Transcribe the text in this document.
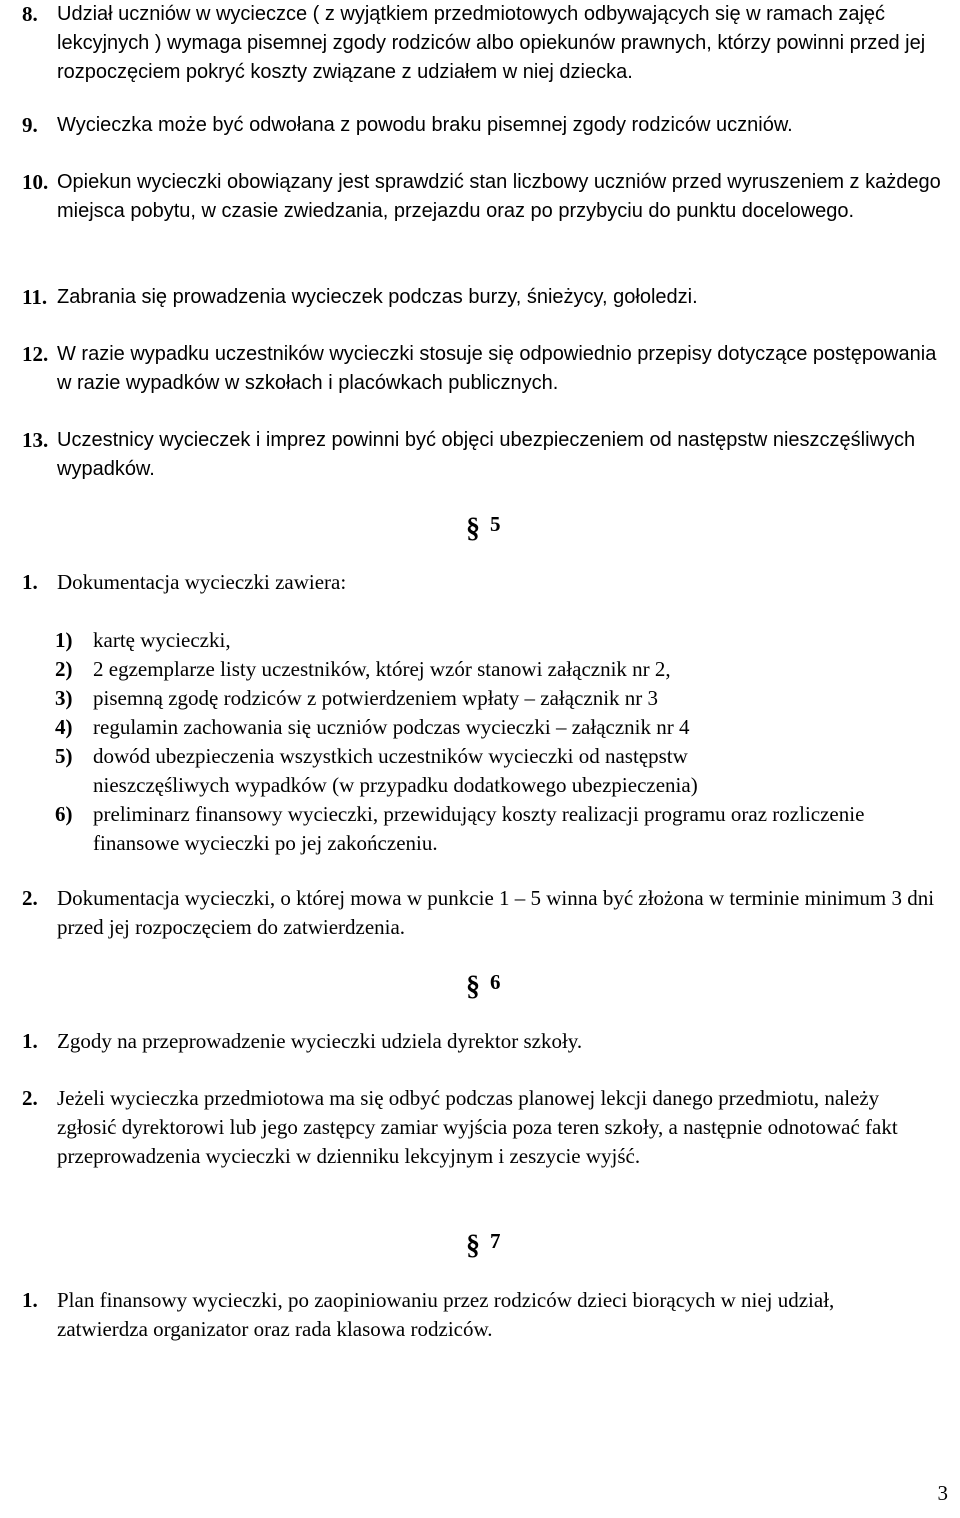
8. Udział uczniów w wycieczce ( z wyjątkiem przedmiotowych odbywających się w ramach zajęć lekcyjnych ) wymaga pisemnej zgody rodziców albo opiekunów prawnych, którzy powinni przed jej rozpoczęciem pokryć koszty związane z udziałem w niej dziecka.
9. Wycieczka może być odwołana z powodu braku pisemnej zgody rodziców uczniów.
10. Opiekun wycieczki obowiązany jest sprawdzić stan liczbowy uczniów przed wyruszeniem z każdego miejsca pobytu, w czasie zwiedzania, przejazdu oraz po przybyciu do punktu docelowego.
11. Zabrania się prowadzenia wycieczek podczas burzy, śnieżycy, gołoledzi.
12. W razie wypadku uczestników wycieczki stosuje się odpowiednio przepisy dotyczące postępowania w razie wypadków w szkołach i placówkach publicznych.
13. Uczestnicy wycieczek i imprez powinni być objęci ubezpieczeniem od następstw nieszczęśliwych wypadków.
§ 5
1. Dokumentacja wycieczki zawiera:
1) kartę wycieczki,
2) 2 egzemplarze listy uczestników, której wzór stanowi załącznik nr 2,
3) pisemną zgodę rodziców z potwierdzeniem wpłaty – załącznik nr 3
4) regulamin zachowania się uczniów podczas wycieczki – załącznik nr 4
5) dowód ubezpieczenia wszystkich uczestników wycieczki od następstw nieszczęśliwych wypadków (w przypadku dodatkowego ubezpieczenia)
6) preliminarz finansowy wycieczki, przewidujący koszty realizacji programu oraz rozliczenie finansowe wycieczki po jej zakończeniu.
2. Dokumentacja wycieczki, o której mowa w punkcie 1 – 5 winna być złożona w terminie minimum 3 dni przed jej rozpoczęciem do zatwierdzenia.
§ 6
1. Zgody na przeprowadzenie wycieczki udziela dyrektor szkoły.
2. Jeżeli wycieczka przedmiotowa ma się odbyć podczas planowej lekcji danego przedmiotu, należy zgłosić dyrektorowi lub jego zastępcy zamiar wyjścia poza teren szkoły, a następnie odnotować fakt przeprowadzenia wycieczki w dzienniku lekcyjnym i zeszycie wyjść.
§ 7
1. Plan finansowy wycieczki, po zaopiniowaniu przez rodziców dzieci biorących w niej udział, zatwierdza organizator oraz rada klasowa rodziców.
3
